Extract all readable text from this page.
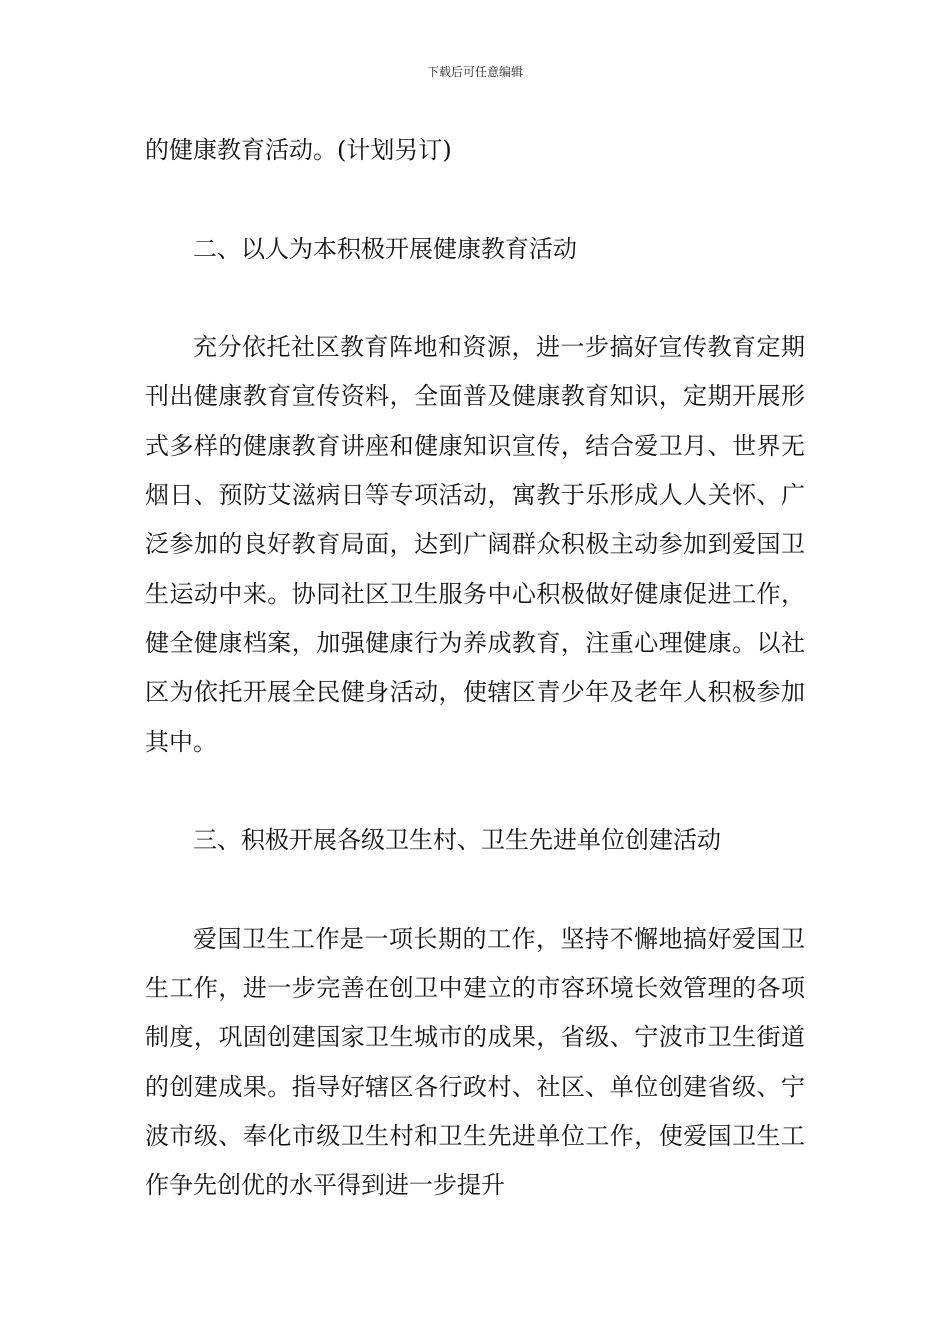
下载后可任意编辑

的健康教育活动。(计划另订)

二、以人为本积极开展健康教育活动

充分依托社区教育阵地和资源，进一步搞好宣传教育定期刊出健康教育宣传资料，全面普及健康教育知识，定期开展形式多样的健康教育讲座和健康知识宣传，结合爱卫月、世界无烟日、预防艾滋病日等专项活动，寓教于乐形成人人关怀、广泛参加的良好教育局面，达到广阔群众积极主动参加到爱国卫生运动中来。协同社区卫生服务中心积极做好健康促进工作，健全健康档案，加强健康行为养成教育，注重心理健康。以社区为依托开展全民健身活动，使辖区青少年及老年人积极参加其中。

三、积极开展各级卫生村、卫生先进单位创建活动

爱国卫生工作是一项长期的工作，坚持不懈地搞好爱国卫生工作，进一步完善在创卫中建立的市容环境长效管理的各项制度，巩固创建国家卫生城市的成果，省级、宁波市卫生街道的创建成果。指导好辖区各行政村、社区、单位创建省级、宁波市级、奉化市级卫生村和卫生先进单位工作，使爱国卫生工作争先创优的水平得到进一步提升
